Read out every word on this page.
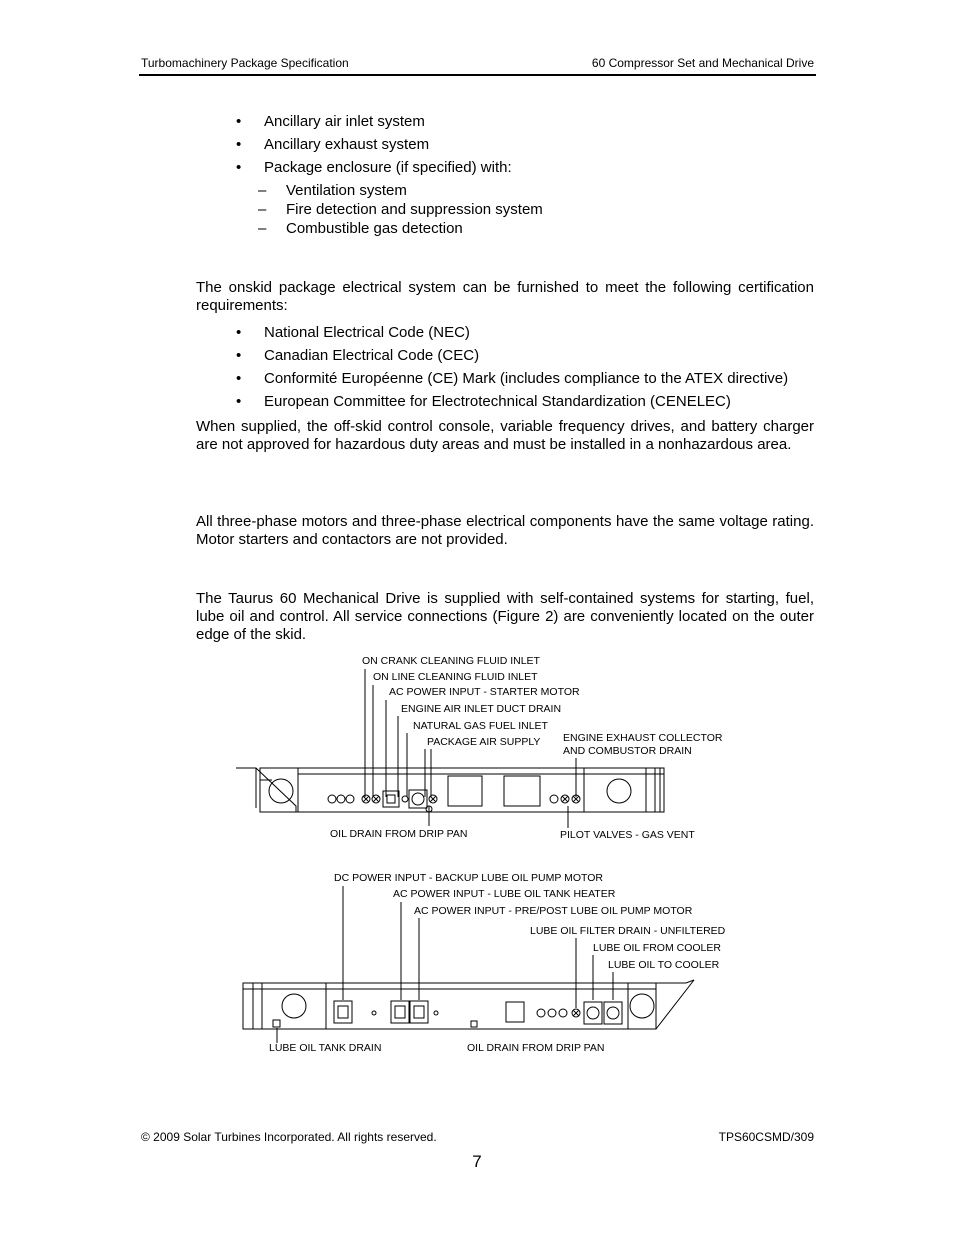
Turbomachinery Package Specification	60 Compressor Set and Mechanical Drive
• Ancillary air inlet system
• Ancillary exhaust system
• Package enclosure (if specified) with:
– Ventilation system
– Fire detection and suppression system
– Combustible gas detection
The onskid package electrical system can be furnished to meet the following certification requirements:
• National Electrical Code (NEC)
• Canadian Electrical Code (CEC)
• Conformité Européenne (CE) Mark (includes compliance to the ATEX directive)
• European Committee for Electrotechnical Standardization (CENELEC)
When supplied, the off-skid control console, variable frequency drives, and battery charger are not approved for hazardous duty areas and must be installed in a nonhazardous area.
All three-phase motors and three-phase electrical components have the same voltage rating. Motor starters and contactors are not provided.
The Taurus 60 Mechanical Drive is supplied with self-contained systems for starting, fuel, lube oil and control. All service connections (Figure 2) are conveniently located on the outer edge of the skid.
ON CRANK CLEANING FLUID INLET
ON LINE CLEANING FLUID INLET
AC POWER INPUT - STARTER MOTOR
ENGINE AIR INLET DUCT DRAIN
NATURAL GAS FUEL INLET
PACKAGE AIR SUPPLY ENGINE EXHAUST COLLECTOR
AND COMBUSTOR DRAIN
OIL DRAIN FROM DRIP PAN	PILOT VALVES - GAS VENT
DC POWER INPUT - BACKUP LUBE OIL PUMP MOTOR
AC POWER INPUT - LUBE OIL TANK HEATER
AC POWER INPUT - PRE/POST LUBE OIL PUMP MOTOR
LUBE OIL FILTER DRAIN - UNFILTERED
LUBE OIL FROM COOLER
LUBE OIL TO COOLER
LUBE OIL TANK DRAIN	OIL DRAIN FROM DRIP PAN
© 2009 Solar Turbines Incorporated. All rights reserved.	TPS60CSMD/309
7
